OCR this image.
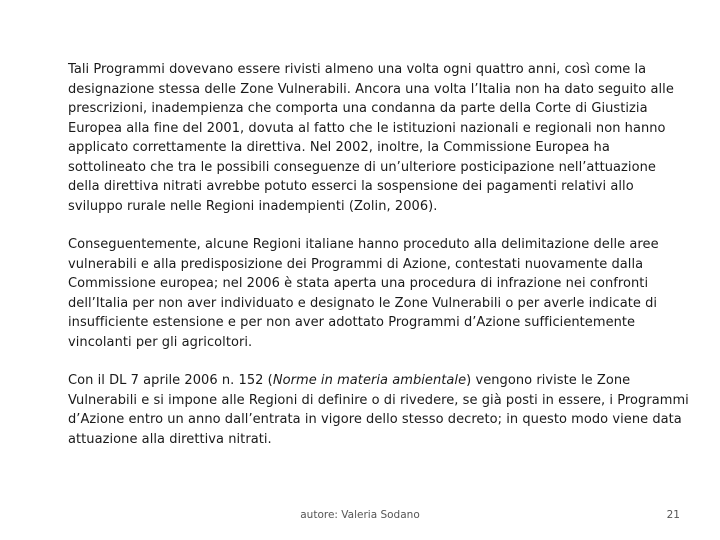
Tali Programmi dovevano essere rivisti almeno una volta ogni quattro anni, così come la designazione stessa delle Zone Vulnerabili. Ancora una volta l’Italia non ha dato seguito alle prescrizioni, inadempienza che comporta una condanna da parte della Corte di Giustizia Europea alla fine del 2001, dovuta al fatto che le istituzioni nazionali e regionali non hanno applicato correttamente la direttiva. Nel 2002, inoltre, la Commissione Europea ha sottolineato che tra le possibili conseguenze di un’ulteriore posticipazione nell’attuazione della direttiva nitrati avrebbe potuto esserci la sospensione dei pagamenti relativi allo sviluppo rurale nelle Regioni inadempienti (Zolin, 2006).

Conseguentemente, alcune Regioni italiane hanno proceduto alla delimitazione delle aree vulnerabili e alla predisposizione dei Programmi di Azione, contestati nuovamente dalla Commissione europea; nel 2006 è stata aperta una procedura di infrazione nei confronti dell’Italia per non aver individuato e designato le Zone Vulnerabili o per averle indicate di insufficiente estensione e per non aver adottato Programmi d’Azione sufficientemente vincolanti per gli agricoltori.

Con il DL 7 aprile 2006 n. 152 (Norme in materia ambientale) vengono riviste le Zone Vulnerabili e si impone alle Regioni di definire o di rivedere, se già posti in essere, i Programmi d’Azione entro un anno dall’entrata in vigore dello stesso decreto; in questo modo viene data attuazione alla direttiva nitrati.

autore: Valeria Sodano	21
